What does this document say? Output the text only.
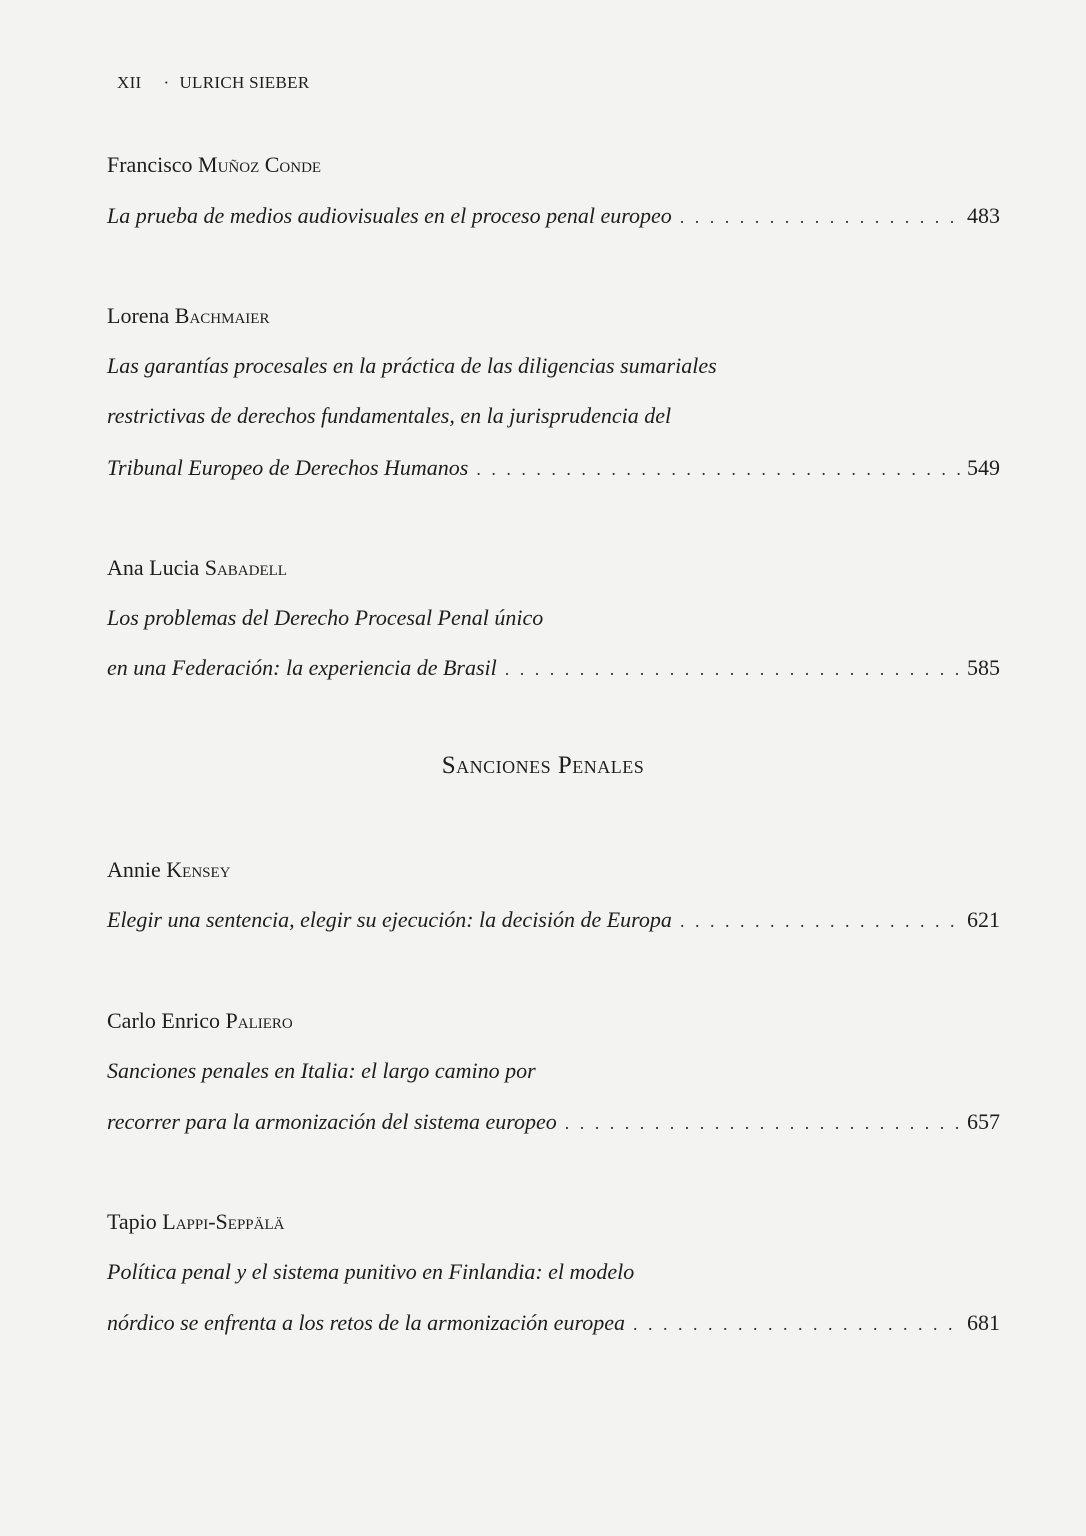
XII · ULRICH SIEBER
Francisco Muñoz Conde
La prueba de medios audiovisuales en el proceso penal europeo . . .	483
Lorena Bachmaier
Las garantías procesales en la práctica de las diligencias sumariales
restrictivas de derechos fundamentales, en la jurisprudencia del
Tribunal Europeo de Derechos Humanos . . .	549
Ana Lucia Sabadell
Los problemas del Derecho Procesal Penal único
en una Federación: la experiencia de Brasil . . .	585
Sanciones Penales
Annie Kensey
Elegir una sentencia, elegir su ejecución: la decisión de Europa . . .	621
Carlo Enrico Paliero
Sanciones penales en Italia: el largo camino por
recorrer para la armonización del sistema europeo . . .	657
Tapio Lappi-Seppälä
Política penal y el sistema punitivo en Finlandia: el modelo
nórdico se enfrenta a los retos de la armonización europea . . .	681
